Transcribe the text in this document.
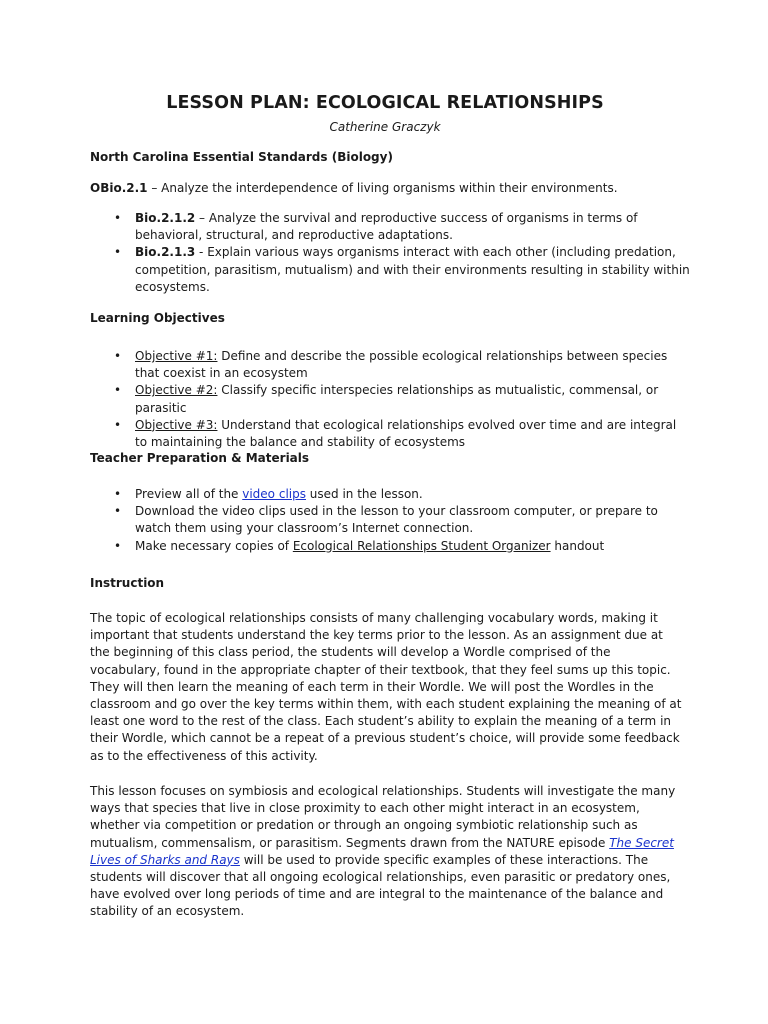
LESSON PLAN: ECOLOGICAL RELATIONSHIPS
Catherine Graczyk
North Carolina Essential Standards (Biology)

OBio.2.1 – Analyze the interdependence of living organisms within their environments.

• Bio.2.1.2 – Analyze the survival and reproductive success of organisms in terms of behavioral, structural, and reproductive adaptations.
• Bio.2.1.3 - Explain various ways organisms interact with each other (including predation, competition, parasitism, mutualism) and with their environments resulting in stability within ecosystems.
Learning Objectives
• Objective #1: Define and describe the possible ecological relationships between species that coexist in an ecosystem
• Objective #2: Classify specific interspecies relationships as mutualistic, commensal, or parasitic
• Objective #3: Understand that ecological relationships evolved over time and are integral to maintaining the balance and stability of ecosystems
Teacher Preparation & Materials
• Preview all of the video clips used in the lesson.
• Download the video clips used in the lesson to your classroom computer, or prepare to watch them using your classroom’s Internet connection.
• Make necessary copies of Ecological Relationships Student Organizer handout
Instruction

The topic of ecological relationships consists of many challenging vocabulary words, making it important that students understand the key terms prior to the lesson. As an assignment due at the beginning of this class period, the students will develop a Wordle comprised of the vocabulary, found in the appropriate chapter of their textbook, that they feel sums up this topic. They will then learn the meaning of each term in their Wordle. We will post the Wordles in the classroom and go over the key terms within them, with each student explaining the meaning of at least one word to the rest of the class. Each student’s ability to explain the meaning of a term in their Wordle, which cannot be a repeat of a previous student’s choice, will provide some feedback as to the effectiveness of this activity.

This lesson focuses on symbiosis and ecological relationships. Students will investigate the many ways that species that live in close proximity to each other might interact in an ecosystem, whether via competition or predation or through an ongoing symbiotic relationship such as mutualism, commensalism, or parasitism. Segments drawn from the NATURE episode The Secret Lives of Sharks and Rays will be used to provide specific examples of these interactions. The students will discover that all ongoing ecological relationships, even parasitic or predatory ones, have evolved over long periods of time and are integral to the maintenance of the balance and stability of an ecosystem.
